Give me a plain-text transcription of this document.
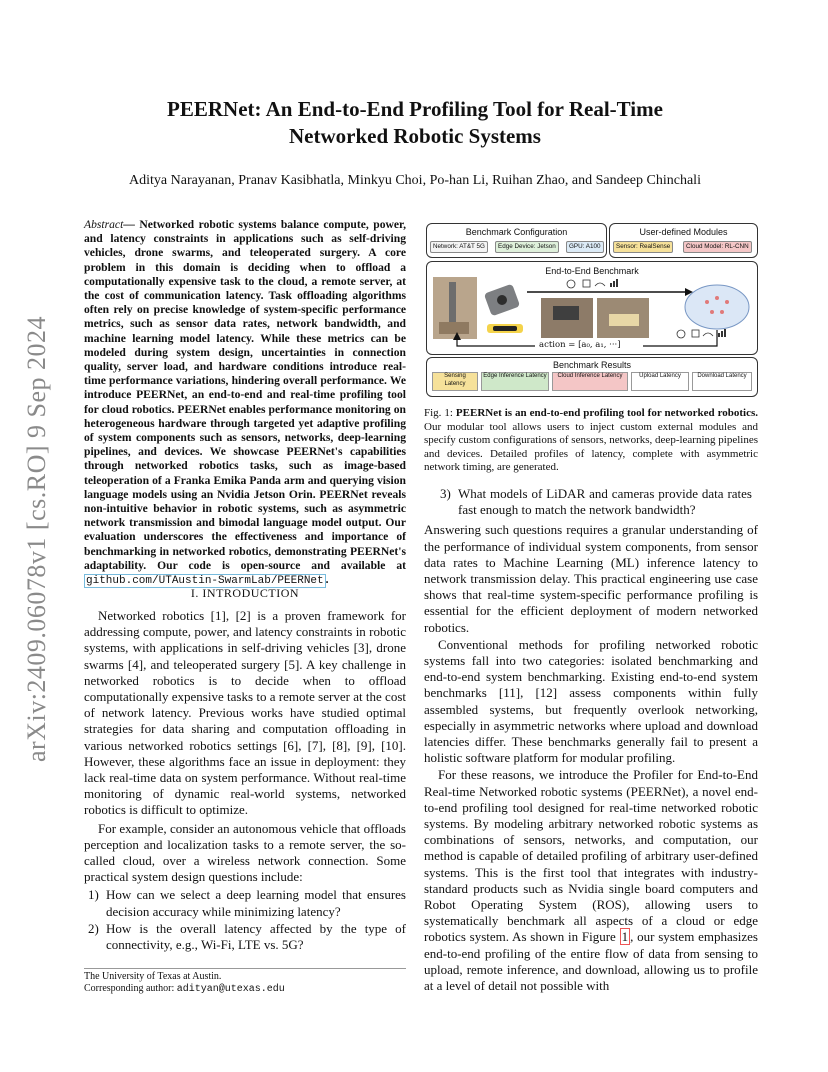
arXiv:2409.06078v1 [cs.RO] 9 Sep 2024
PEERNet: An End-to-End Profiling Tool for Real-Time
Networked Robotic Systems
Aditya Narayanan, Pranav Kasibhatla, Minkyu Choi, Po-han Li, Ruihan Zhao, and Sandeep Chinchali

Abstract— Networked robotic systems balance compute, power, and latency constraints in applications such as self-driving vehicles, drone swarms, and teleoperated surgery. A core problem in this domain is deciding when to offload a computationally expensive task to the cloud, a remote server, at the cost of communication latency. Task offloading algorithms often rely on precise knowledge of system-specific performance metrics, such as sensor data rates, network bandwidth, and machine learning model latency. While these metrics can be modeled during system design, uncertainties in connection quality, server load, and hardware conditions introduce real-time performance variations, hindering overall performance. We introduce PEERNet, an end-to-end and real-time profiling tool for cloud robotics. PEERNet enables performance monitoring on heterogeneous hardware through targeted yet adaptive profiling of system components such as sensors, networks, deep-learning pipelines, and devices. We showcase PEERNet's capabilities through networked robotics tasks, such as image-based teleoperation of a Franka Emika Panda arm and querying vision language models using an Nvidia Jetson Orin. PEERNet reveals non-intuitive behavior in robotic systems, such as asymmetric network transmission and bimodal language model output. Our evaluation underscores the effectiveness and importance of benchmarking in networked robotics, demonstrating PEERNet's adaptability. Our code is open-source and available at github.com/UTAustin-SwarmLab/PEERNet .

I. INTRODUCTION

Networked robotics [1], [2] is a proven framework for addressing compute, power, and latency constraints in robotic systems, with applications in self-driving vehicles [3], drone swarms [4], and teleoperated surgery [5]. A key challenge in networked robotics is to decide when to offload computationally expensive tasks to a remote server at the cost of network latency. Previous works have studied optimal strategies for data sharing and computation offloading in various networked robotics settings [6], [7], [8], [9], [10]. However, these algorithms face an issue in deployment: they lack real-time data on system performance. Without real-time monitoring of dynamic real-world systems, networked robotics is difficult to optimize.

For example, consider an autonomous vehicle that offloads perception and localization tasks to a remote server, the so-called cloud, over a wireless network connection. Some practical system design questions include:

1) How can we select a deep learning model that ensures decision accuracy while minimizing latency?
2) How is the overall latency affected by the type of connectivity, e.g., Wi-Fi, LTE vs. 5G?
The University of Texas at Austin.
Corresponding author: adityan@utexas.edu
Benchmark Configuration
Network: AT&T 5G	Edge Device: Jetson	GPU: A100
User-defined Modules
Sensor: RealSense	Cloud Model: RL-CNN
End-to-End Benchmark
action = [a₀, a₁, ···]
Benchmark Results
Sensing Latency
Edge Inference Latency	Cloud Inference Latency	Upload Latency	Download Latency
Fig. 1: PEERNet is an end-to-end profiling tool for networked robotics. Our modular tool allows users to inject custom external modules and specify custom configurations of sensors, networks, deep-learning pipelines and devices. Detailed profiles of latency, complete with asymmetric network timing, are generated.
3) What models of LiDAR and cameras provide data rates fast enough to match the network bandwidth?

Answering such questions requires a granular understanding of the performance of individual system components, from sensor data rates to Machine Learning (ML) inference latency to network transmission delay. This practical engineering use case shows that real-time system-specific performance profiling is essential for the efficient deployment of modern networked robotics.

Conventional methods for profiling networked robotic systems fall into two categories: isolated benchmarking and end-to-end system benchmarking. Existing end-to-end system benchmarks [11], [12] assess components within fully assembled systems, but frequently overlook networking, especially in asymmetric networks where upload and download latencies differ. These benchmarks generally fail to present a holistic software platform for modular profiling.

For these reasons, we introduce the Profiler for End-to-End Real-time Networked robotic systems (PEERNet), a novel end-to-end profiling tool designed for real-time networked robotic systems. By modeling arbitrary networked robotic systems as combinations of sensors, networks, and computation, our method is capable of detailed profiling of arbitrary user-defined systems. This is the first tool that integrates with industry-standard products such as Nvidia single board computers and Robot Operating System (ROS), allowing users to systematically benchmark all aspects of a cloud or edge robotics system. As shown in Figure 1 , our system emphasizes end-to-end profiling of the entire flow of data from sensing to upload, remote inference, and download, allowing us to profile at a level of detail not possible with
